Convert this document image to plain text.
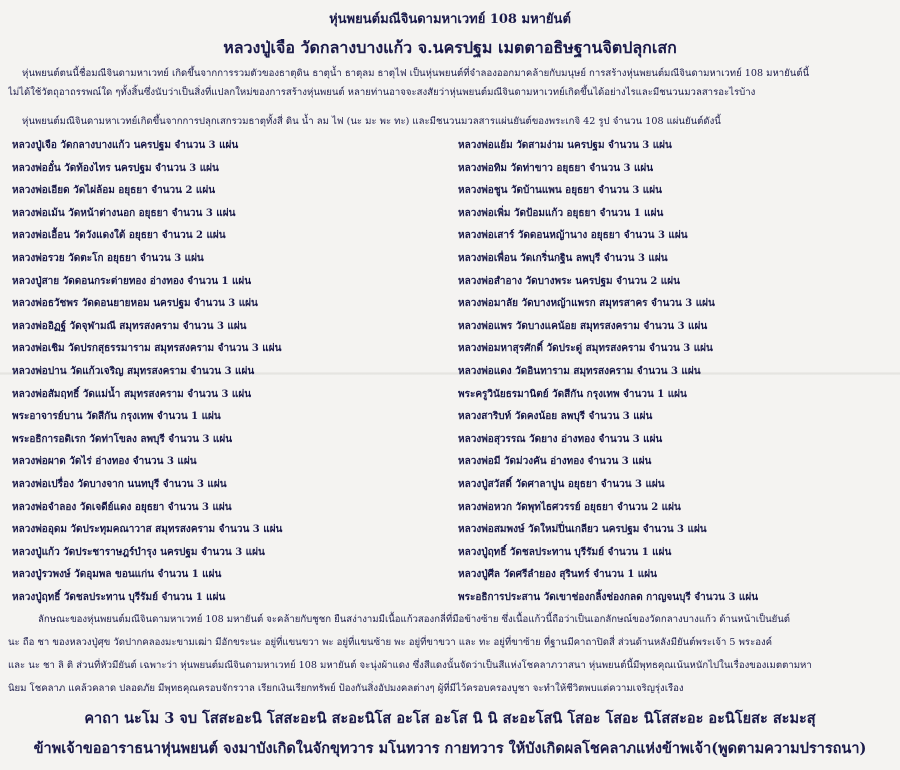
หุ่นพยนต์มณีจินดามหาเวทย์ 108 มหายันต์
หลวงปู่เจือ วัดกลางบางแก้ว จ.นครปฐม เมตตาอธิษฐานจิตปลุกเสก
หุ่นพยนต์ตนนี้ชื่อมณีจินดามหาเวทย์ เกิดขึ้นจากการรวมตัวของธาตุดิน ธาตุน้ำ ธาตุลม ธาตุไฟ เป็นหุ่นพยนต์ที่จำลองออกมาคล้ายกับมนุษย์ การสร้างหุ่นพยนต์มณีจินดามหาเวทย์ 108 มหายันต์นี้
ไม่ได้ใช้วัตถุอาถรรพณ์ใด ๆทั้งสิ้นซึ่งนับว่าเป็นสิ่งที่แปลกใหม่ของการสร้างหุ่นพยนต์ หลายท่านอาจจะสงสัยว่าหุ่นพยนต์มณีจินดามหาเวทย์เกิดขึ้นได้อย่างไรและมีชนวนมวลสารอะไรบ้าง
หุ่นพยนต์มณีจินดามหาเวทย์เกิดขึ้นจากการปลุกเสกรวมธาตุทั้งสี่ ดิน น้ำ ลม ไฟ (นะ มะ พะ ทะ) และมีชนวนมวลสารแผ่นยันต์ของพระเกจิ 42 รูป จำนวน 108 แผ่นยันต์ดังนี้
หลวงปู่เจือ วัดกลางบางแก้ว นครปฐม จำนวน 3 แผ่น
หลวงพ่ออั๋น วัดท้องไทร นครปฐม จำนวน 3 แผ่น
หลวงพ่อเอียด วัดไผ่ล้อม อยุธยา จำนวน 2 แผ่น
หลวงพ่อเม้น วัดหน้าต่างนอก อยุธยา จำนวน 3 แผ่น
หลวงพ่อเอื้อน วัดวังแดงใต้ อยุธยา จำนวน 2 แผ่น
หลวงพ่อรวย วัดตะโก อยุธยา จำนวน 3 แผ่น
หลวงปู่สาย วัดดอนกระต่ายทอง อ่างทอง จำนวน 1 แผ่น
หลวงพ่อธวัชพร วัดดอนยายหอม นครปฐม จำนวน 3 แผ่น
หลวงพ่ออิฏฐ์ วัดจุฬามณี สมุทรสงคราม จำนวน 3 แผ่น
หลวงพ่อเชิม วัดปรกสุธรรมาราม สมุทรสงคราม จำนวน 3 แผ่น
หลวงพ่อปาน วัดแก้วเจริญ สมุทรสงคราม จำนวน 3 แผ่น
หลวงพ่อสัมฤทธิ์ วัดแม่น้ำ สมุทรสงคราม จำนวน 3 แผ่น
พระอาจารย์บาน วัดสีกัน กรุงเทพ จำนวน 1 แผ่น
พระอธิการอดิเรก วัดท่าโขลง ลพบุรี จำนวน 3 แผ่น
หลวงพ่อผาด วัดไร่ อ่างทอง จำนวน 3 แผ่น
หลวงพ่อเปรื่อง วัดบางจาก นนทบุรี จำนวน 3 แผ่น
หลวงพ่อจำลอง วัดเจดีย์แดง อยุธยา จำนวน 3 แผ่น
หลวงพ่ออุดม วัดประทุมคณาวาส สมุทรสงคราม จำนวน 3 แผ่น
หลวงปู่แก้ว วัดประชาราษฎร์บำรุง นครปฐม จำนวน 3 แผ่น
หลวงปู่รวพงษ์ วัดอุมพล ขอนแก่น จำนวน 1 แผ่น
หลวงปู่ฤทธิ์ วัดชลประทาน บุรีรัมย์ จำนวน 1 แผ่น
หลวงพ่อแย้ม วัดสามง่าม นครปฐม จำนวน 3 แผ่น
หลวงพ่อทิม วัดท่าขาว อยุธยา จำนวน 3 แผ่น
หลวงพ่อชูน วัดบ้านแพน อยุธยา จำนวน 3 แผ่น
หลวงพ่อเพิ่ม วัดป้อมแก้ว อยุธยา จำนวน 1 แผ่น
หลวงพ่อเสาร์ วัดดอนหญ้านาง อยุธยา จำนวน 3 แผ่น
หลวงพ่อเพื่อน วัดเกริ่นกฐิน ลพบุรี จำนวน 3 แผ่น
หลวงพ่อสำอาง วัดบางพระ นครปฐม จำนวน 2 แผ่น
หลวงพ่อมาลัย วัดบางหญ้าแพรก สมุทรสาคร จำนวน 3 แผ่น
หลวงพ่อแพร วัดบางแคน้อย สมุทรสงคราม จำนวน 3 แผ่น
หลวงพ่อมหาสุรศักดิ์ วัดประดู่ สมุทรสงคราม จำนวน 3 แผ่น
หลวงพ่อแดง วัดอินทาราม สมุทรสงคราม จำนวน 3 แผ่น
พระครูวินัยธรมานิตย์ วัดสีกัน กรุงเทพ จำนวน 1 แผ่น
หลวงสาริบท์ วัดคงน้อย ลพบุรี จำนวน 3 แผ่น
หลวงพ่อสุวรรณ วัดยาง อ่างทอง จำนวน 3 แผ่น
หลวงพ่อมี วัดม่วงคัน อ่างทอง จำนวน 3 แผ่น
หลวงปู่สวัสดิ์ วัดศาลาปูน อยุธยา จำนวน 3 แผ่น
หลวงพ่อหวก วัดพุทไธศวรรย์ อยุธยา จำนวน 2 แผ่น
หลวงพ่อสมพงษ์ วัดใหม่ปิ่นเกลียว นครปฐม จำนวน 3 แผ่น
หลวงปู่ฤทธิ์ วัดชลประทาน บุรีรัมย์ จำนวน 1 แผ่น
หลวงปู่ศีล วัดศรีลำยอง สุรินทร์ จำนวน 1 แผ่น
พระอธิการประสาน วัดเขาช่องกลิ้งช่องกลด กาญจนบุรี จำนวน 3 แผ่น
ลักษณะของหุ่นพยนต์มณีจินดามหาเวทย์ 108 มหายันต์ จะคล้ายกับชูชก ยืนสง่างามมีเนื้อแก้วสองกลี่ที่มือข้างซ้าย ซึ่งเนื้อแก้วนี้ถือว่าเป็นเอกลักษณ์ของวัดกลางบางแก้ว ด้านหน้าเป็นยันต์
นะ ถือ ชา ของหลวงปู่ศุข วัดปากคลองมะขามเฒ่า มีอักขระนะ อยู่ที่แขนขวา พะ อยู่ที่แขนซ้าย พะ อยู่ที่ขาขวา และ ทะ อยู่ที่ขาซ้าย ที่ฐานมีคาถาปิดสี่ ส่วนด้านหลังมียันต์พระเจ้า 5 พระองค์
และ นะ ชา ลิ ติ ส่วนที่หัวมียันต์ เฉพาะว่า หุ่นพยนต์มณีจินดามหาเวทย์ 108 มหายันต์ จะนุ่งผ้าแดง ซึ่งสีแดงนั้นจัดว่าเป็นสีแห่งโชคลาภวาสนา หุ่นพยนต์นี้มีพุทธคุณเน้นหนักไปในเรื่องของเมตตามหา
นิยม โชคลาภ แคล้วคลาด ปลอดภัย มีพุทธคุณครอบจักรวาล เรียกเงินเรียกทรัพย์ ป้องกันสิ่งอัปมงคลต่างๆ ผู้ที่มีไว้ครอบครองบูชา จะทำให้ชีวิตพบแต่ความเจริญรุ่งเรือง
คาถา นะโม 3 จบ โสสะอะนิ โสสะอะนิ สะอะนิโส อะโส อะโส นิ นิ สะอะโสนิ โสอะ โสอะ นิโสสะอะ อะนิโยสะ สะมะสุ
ข้าพเจ้าขออาราธนาหุ่นพยนต์ จงมาบังเกิดในจักขุทวาร มโนทวาร กายทวาร ให้บังเกิดผลโชคลาภแห่งข้าพเจ้า(พูดตามความปรารถนา)
